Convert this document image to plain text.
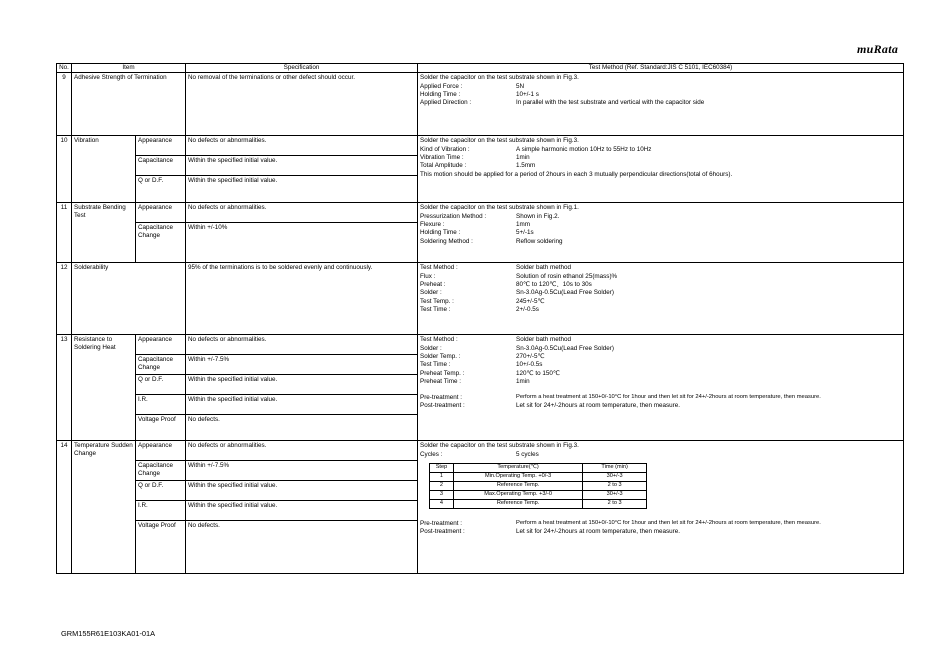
muRata
No.	Item	Specification	Test Method (Ref. Standard:JIS C 5101, IEC60384)
9	Adhesive Strength of Termination	No removal of the terminations or other defect should occur.	Solder the capacitor on the test substrate shown in Fig.3.
Applied Force :	5N
Holding Time :	10+/-1 s
Applied Direction :	In parallel with the test substrate and vertical with the capacitor side

10	Vibration	Appearance	No defects or abnormalities.	Solder the capacitor on the test substrate shown in Fig.3.
Kind of Vibration :	A simple harmonic motion 10Hz to 55Hz to 10Hz
Vibration Time :	1min
Total Amplitude :	1.5mm
This motion should be applied for a period of 2hours in each 3 mutually perpendicular directions(total of 6hours).

Capacitance	Within the specified initial value.
Q or D.F.	Within the specified initial value.
11	Substrate Bending Test	Appearance	No defects or abnormalities.	Solder the capacitor on the test substrate shown in Fig.1.
Pressurization Method :	Shown in Fig.2.
Flexure :	1mm
Holding Time :	5+/-1s
Soldering Method :	Reflow soldering

Capacitance Change	Within +/-10%
12	Solderability	95% of the terminations is to be soldered evenly and continuously.	Test Method :	Solder bath method
Flux :	Solution of rosin ethanol 25(mass)%
Preheat :	80℃ to 120℃、10s to 30s
Solder :	Sn-3.0Ag-0.5Cu(Lead Free Solder)
Test Temp. :	245+/-5℃
Test Time :	2+/-0.5s

13	Resistance to Soldering Heat	Appearance	No defects or abnormalities.	Test Method :	Solder bath method
Solder :	Sn-3.0Ag-0.5Cu(Lead Free Solder)
Solder Temp. :	270+/-5℃
Test Time :	10+/-0.5s
Preheat Temp. :	120℃ to 150℃
Preheat Time :	1min
Pre-treatment :	Perform a heat treatment at 150+0/-10°C for 1hour and then let sit for 24+/-2hours at room temperature, then measure.
Post-treatment :	Let sit for 24+/-2hours at room temperature, then measure.

Capacitance Change	Within +/-7.5%
Q or D.F.	Within the specified initial value.
I.R.	Within the specified initial value.
Voltage Proof	No defects.
14	Temperature Sudden Change	Appearance	No defects or abnormalities.	Solder the capacitor on the test substrate shown in Fig.3.
Cycles :	5 cycles
Step	Temperature(℃)	Time (min)
1	Min.Operating Temp. +0/-3	30+/-3
2	Reference Temp.	2 to 3
3	Max.Operating Temp. +3/-0	30+/-3
4	Reference Temp.	2 to 3
Pre-treatment :	Perform a heat treatment at 150+0/-10°C for 1hour and then let sit for 24+/-2hours at room temperature, then measure.
Post-treatment :	Let sit for 24+/-2hours at room temperature, then measure.

Capacitance Change	Within +/-7.5%
Q or D.F.	Within the specified initial value.
I.R.	Within the specified initial value.
Voltage Proof	No defects.
GRM155R61E103KA01-01A
